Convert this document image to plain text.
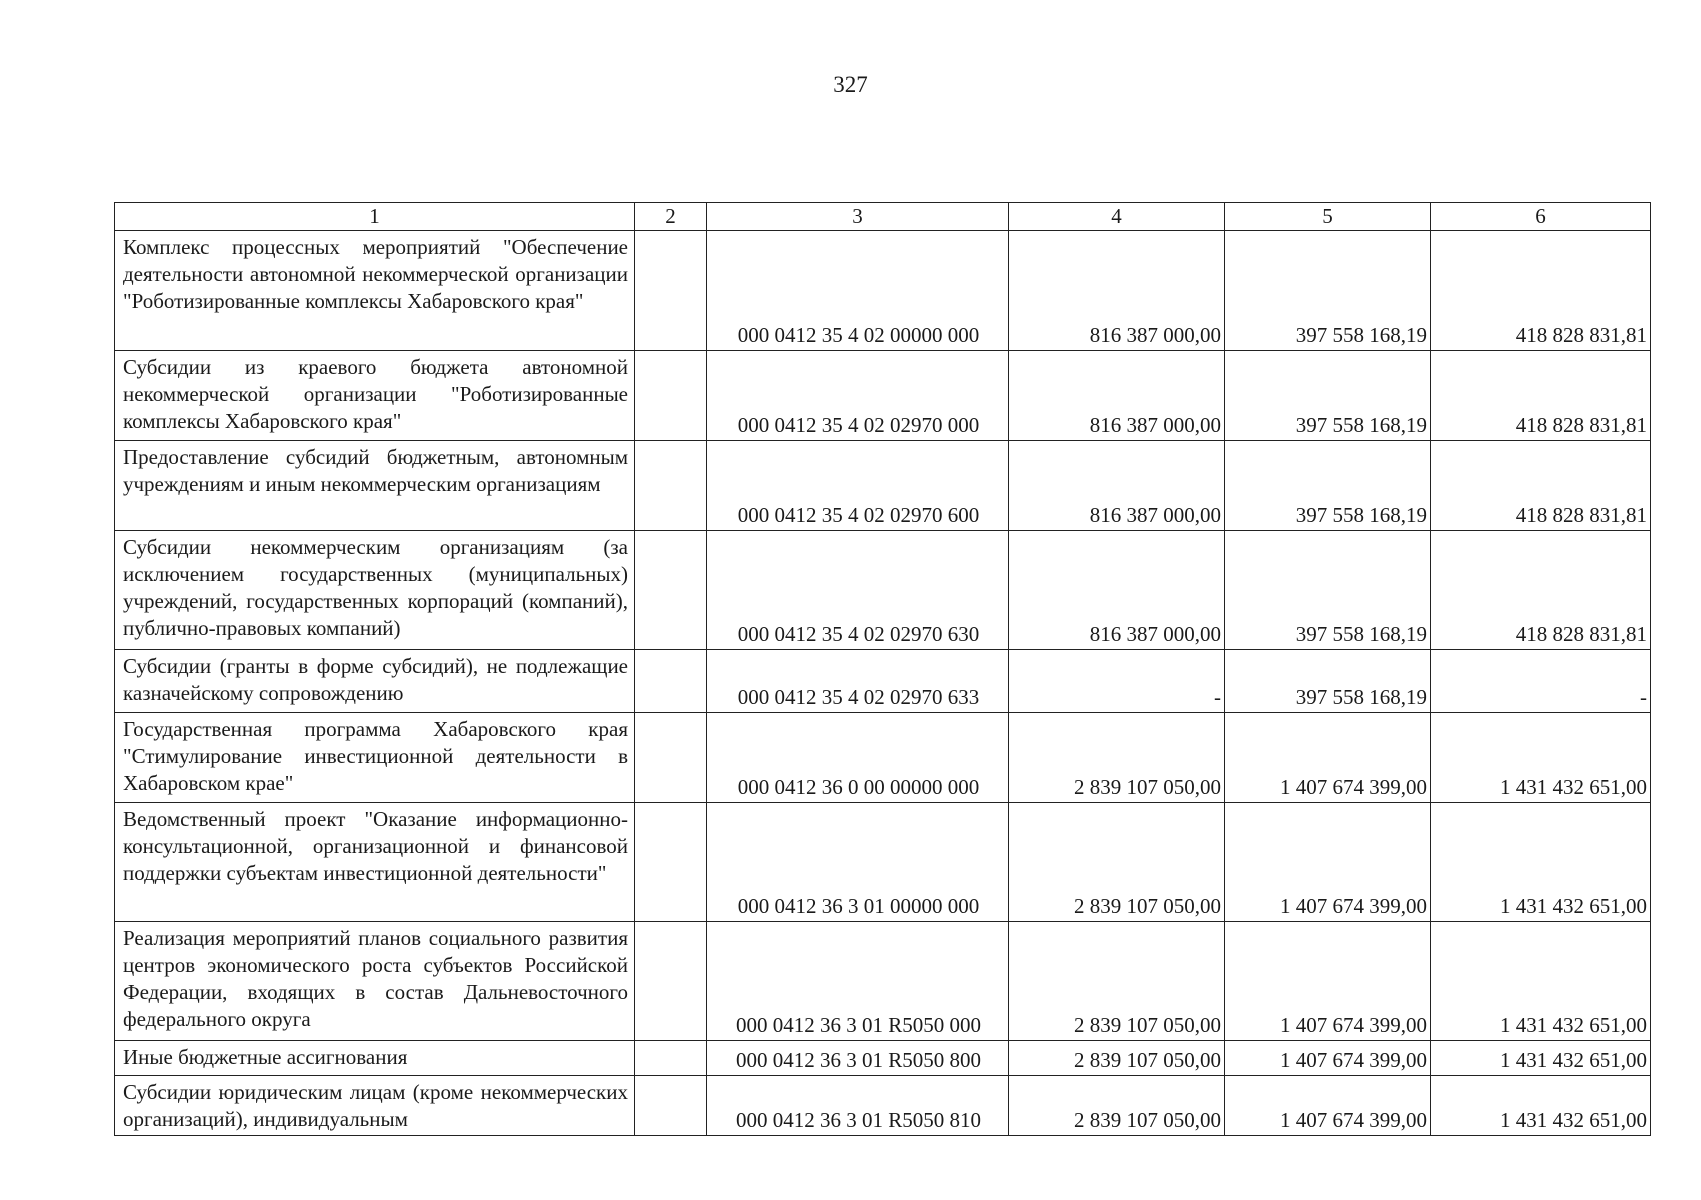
327
1	2	3	4	5	6
Комплекс процессных мероприятий "Обеспечение деятельности автономной некоммерческой организации "Роботизированные комплексы Хабаровского края"		000 0412 35 4 02 00000 000	816 387 000,00	397 558 168,19	418 828 831,81
Субсидии из краевого бюджета автономной некоммерческой организации "Роботизированные комплексы Хабаровского края"		000 0412 35 4 02 02970 000	816 387 000,00	397 558 168,19	418 828 831,81
Предоставление субсидий бюджетным, автономным учреждениям и иным некоммерческим организациям		000 0412 35 4 02 02970 600	816 387 000,00	397 558 168,19	418 828 831,81
Субсидии некоммерческим организациям (за исключением государственных (муниципальных) учреждений, государственных корпораций (компаний), публично-правовых компаний)		000 0412 35 4 02 02970 630	816 387 000,00	397 558 168,19	418 828 831,81
Субсидии (гранты в форме субсидий), не подлежащие казначейскому сопровождению		000 0412 35 4 02 02970 633	-	397 558 168,19	-
Государственная программа Хабаровского края "Стимулирование инвестиционной деятельности в Хабаровском крае"		000 0412 36 0 00 00000 000	2 839 107 050,00	1 407 674 399,00	1 431 432 651,00
Ведомственный проект "Оказание информационно-консультационной, организационной и финансовой поддержки субъектам инвестиционной деятельности"		000 0412 36 3 01 00000 000	2 839 107 050,00	1 407 674 399,00	1 431 432 651,00
Реализация мероприятий планов социального развития центров экономического роста субъектов Российской Федерации, входящих в состав Дальневосточного федерального округа		000 0412 36 3 01 R5050 000	2 839 107 050,00	1 407 674 399,00	1 431 432 651,00
Иные бюджетные ассигнования		000 0412 36 3 01 R5050 800	2 839 107 050,00	1 407 674 399,00	1 431 432 651,00
Субсидии юридическим лицам (кроме некоммерческих организаций), индивидуальным		000 0412 36 3 01 R5050 810	2 839 107 050,00	1 407 674 399,00	1 431 432 651,00
